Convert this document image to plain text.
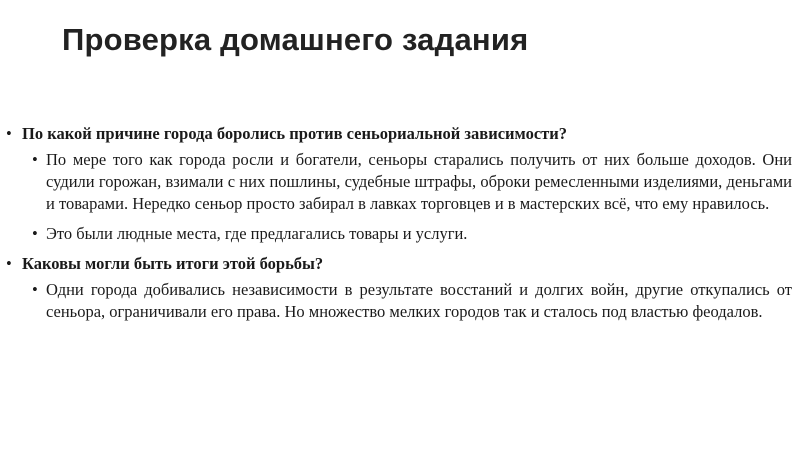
Проверка домашнего задания
• По какой причине города боролись против сеньориальной зависимости?
• По мере того как города росли и богатели, сеньоры старались получить от них больше доходов. Они судили горожан, взимали с них пошлины, судебные штрафы, оброки ремесленными изделиями, деньгами и товарами. Нередко сеньор просто забирал в лавках торговцев и в мастерских всё, что ему нравилось.
• Это были людные места, где предлагались товары и услуги.
• Каковы могли быть итоги этой борьбы?
• Одни города добивались независимости в результате восстаний и долгих войн, другие откупались от сеньора, ограничивали его права. Но множество мелких городов так и сталось под властью феодалов.
